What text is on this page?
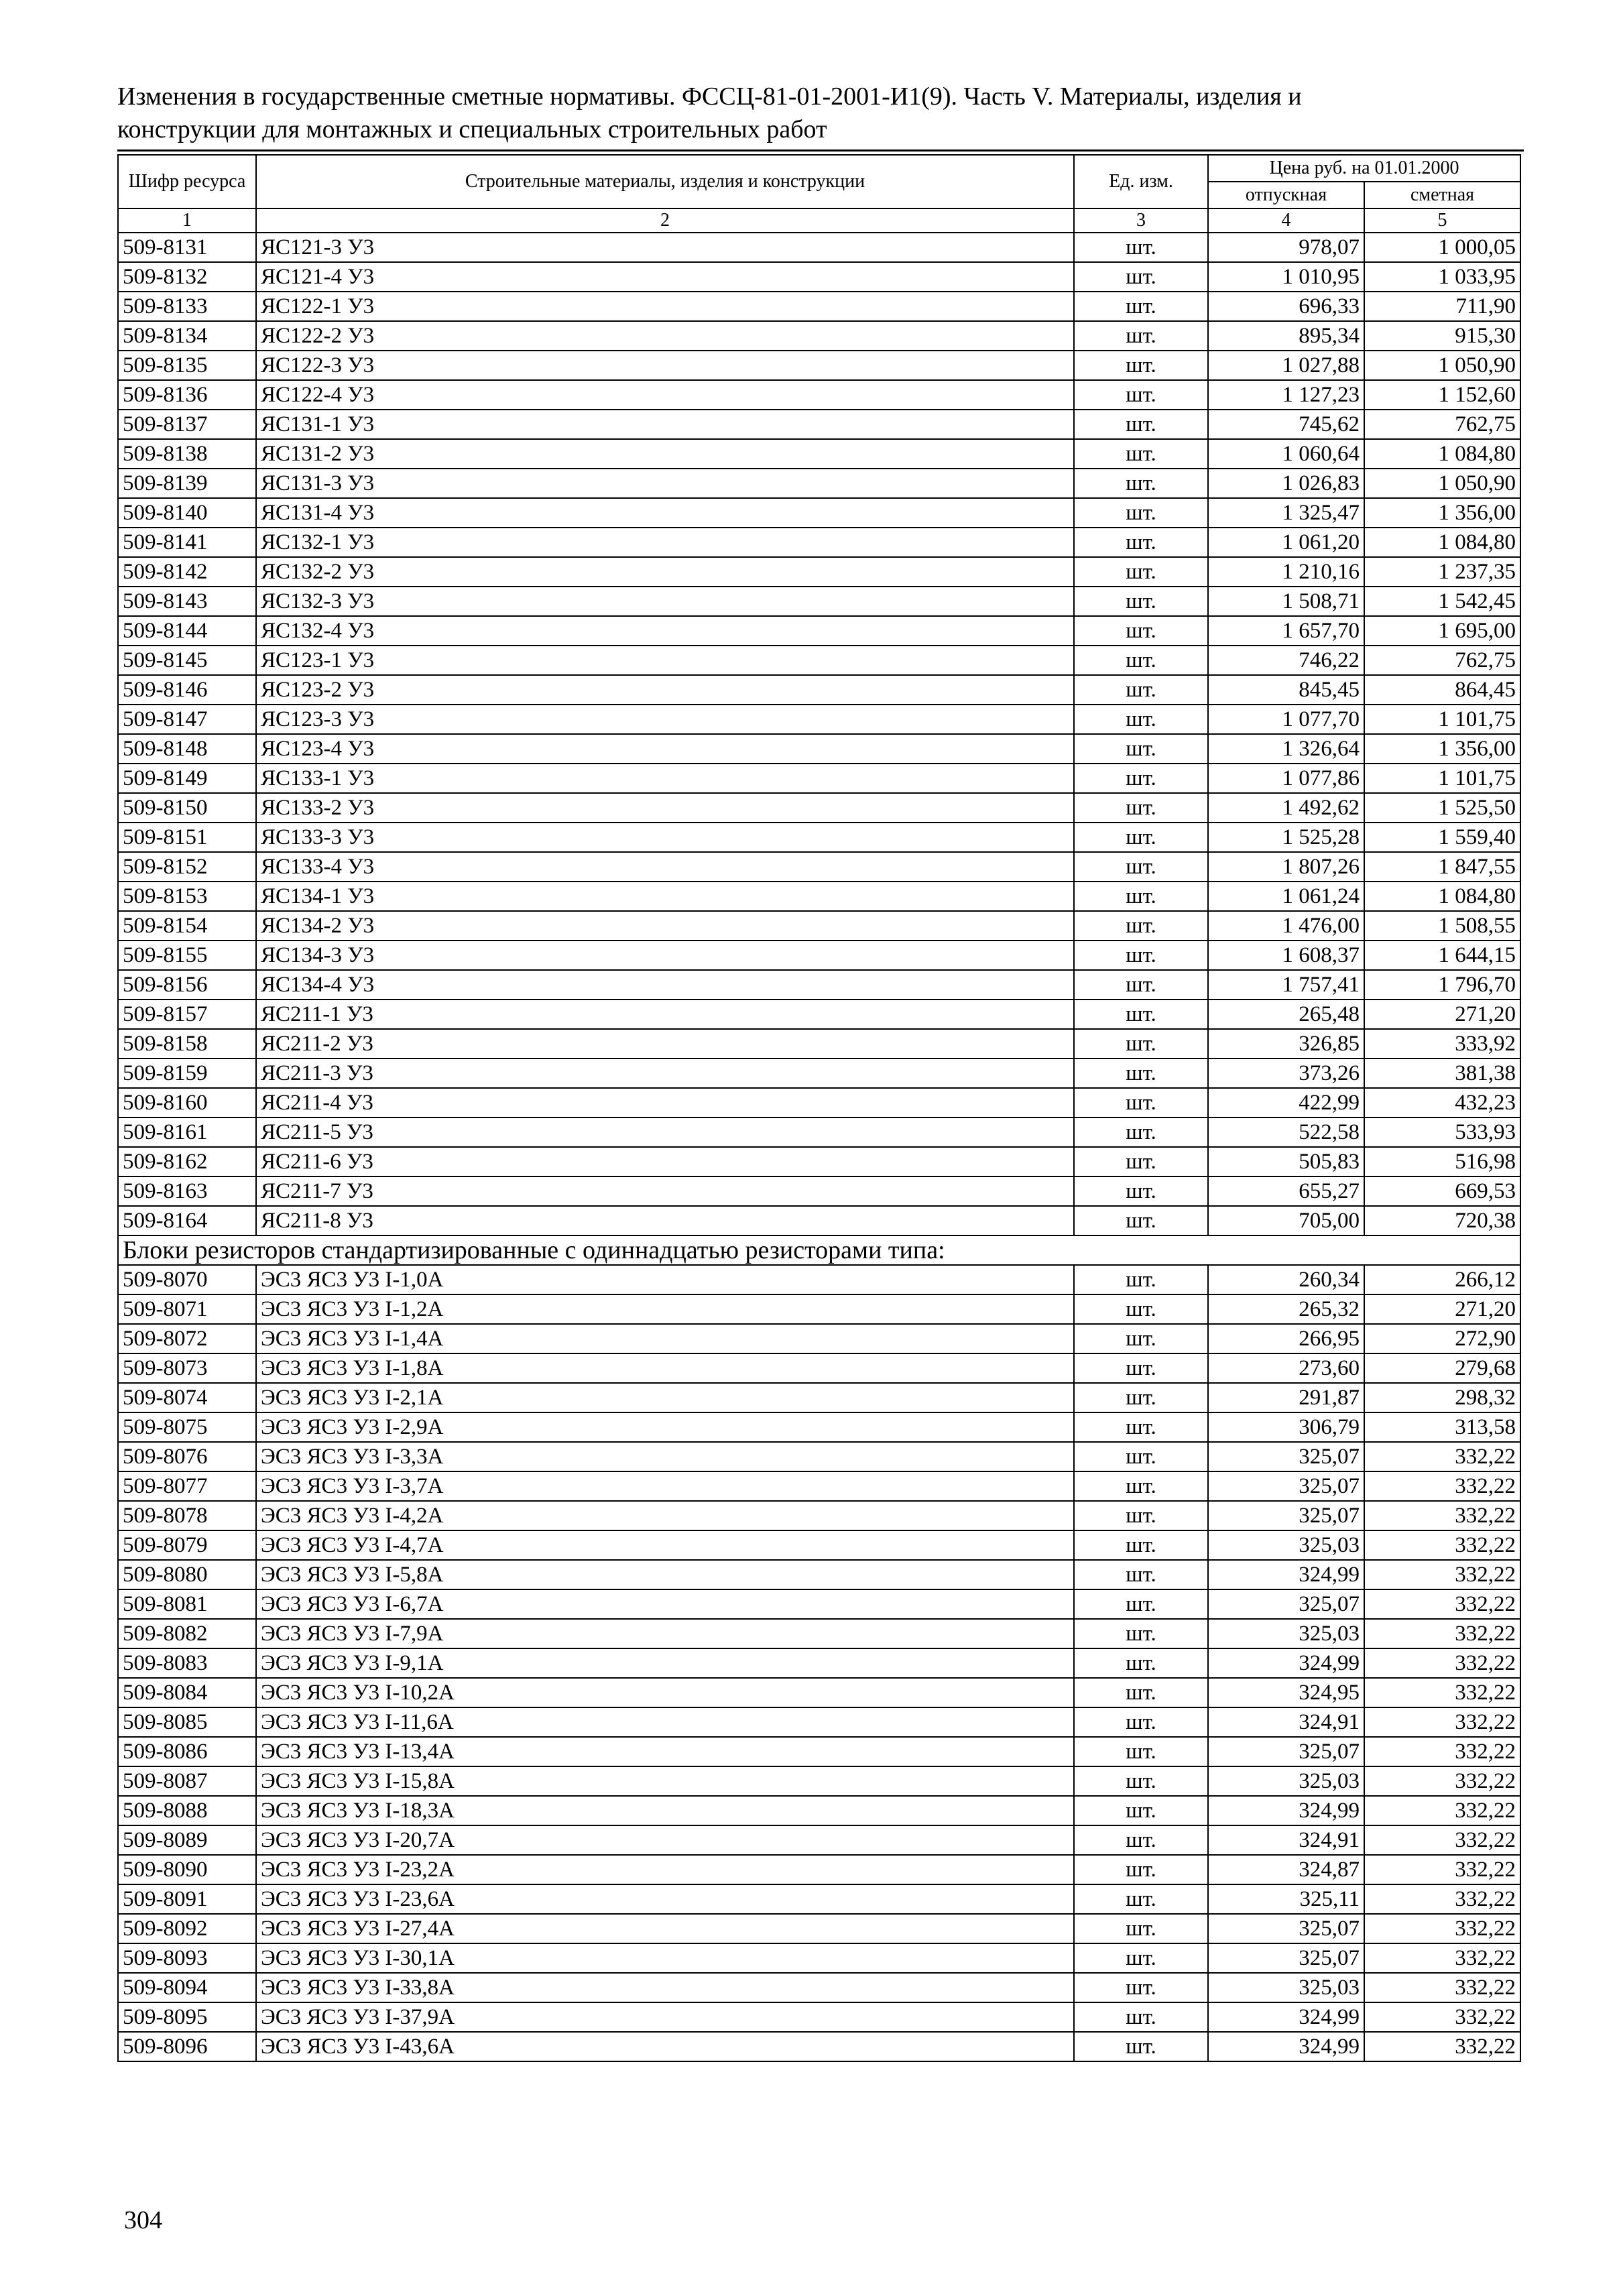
Изменения в государственные сметные нормативы. ФССЦ-81-01-2001-И1(9). Часть V. Материалы, изделия и
конструкции для монтажных и специальных строительных работ
Шифр ресурса	Строительные материалы, изделия и конструкции	Ед. изм.	Цена руб. на 01.01.2000	
			отпускная	сметная
1	2	3	4	5
509-8131	ЯС121-3 У3	шт.	978,07	1 000,05
509-8132	ЯС121-4 У3	шт.	1 010,95	1 033,95
509-8133	ЯС122-1 У3	шт.	696,33	711,90
509-8134	ЯС122-2 У3	шт.	895,34	915,30
509-8135	ЯС122-3 У3	шт.	1 027,88	1 050,90
509-8136	ЯС122-4 У3	шт.	1 127,23	1 152,60
509-8137	ЯС131-1 У3	шт.	745,62	762,75
509-8138	ЯС131-2 У3	шт.	1 060,64	1 084,80
509-8139	ЯС131-3 У3	шт.	1 026,83	1 050,90
509-8140	ЯС131-4 У3	шт.	1 325,47	1 356,00
509-8141	ЯС132-1 У3	шт.	1 061,20	1 084,80
509-8142	ЯС132-2 У3	шт.	1 210,16	1 237,35
509-8143	ЯС132-3 У3	шт.	1 508,71	1 542,45
509-8144	ЯС132-4 У3	шт.	1 657,70	1 695,00
509-8145	ЯС123-1 У3	шт.	746,22	762,75
509-8146	ЯС123-2 У3	шт.	845,45	864,45
509-8147	ЯС123-3 У3	шт.	1 077,70	1 101,75
509-8148	ЯС123-4 У3	шт.	1 326,64	1 356,00
509-8149	ЯС133-1 У3	шт.	1 077,86	1 101,75
509-8150	ЯС133-2 У3	шт.	1 492,62	1 525,50
509-8151	ЯС133-3 У3	шт.	1 525,28	1 559,40
509-8152	ЯС133-4 У3	шт.	1 807,26	1 847,55
509-8153	ЯС134-1 У3	шт.	1 061,24	1 084,80
509-8154	ЯС134-2 У3	шт.	1 476,00	1 508,55
509-8155	ЯС134-3 У3	шт.	1 608,37	1 644,15
509-8156	ЯС134-4 У3	шт.	1 757,41	1 796,70
509-8157	ЯС211-1 У3	шт.	265,48	271,20
509-8158	ЯС211-2 У3	шт.	326,85	333,92
509-8159	ЯС211-3 У3	шт.	373,26	381,38
509-8160	ЯС211-4 У3	шт.	422,99	432,23
509-8161	ЯС211-5 У3	шт.	522,58	533,93
509-8162	ЯС211-6 У3	шт.	505,83	516,98
509-8163	ЯС211-7 У3	шт.	655,27	669,53
509-8164	ЯС211-8 У3	шт.	705,00	720,38
Блоки резисторов стандартизированные с одиннадцатью резисторами типа:				
509-8070	ЭС3 ЯС3 У3 I-1,0А	шт.	260,34	266,12
509-8071	ЭС3 ЯС3 У3 I-1,2А	шт.	265,32	271,20
509-8072	ЭС3 ЯС3 У3 I-1,4А	шт.	266,95	272,90
509-8073	ЭС3 ЯС3 У3 I-1,8А	шт.	273,60	279,68
509-8074	ЭС3 ЯС3 У3 I-2,1А	шт.	291,87	298,32
509-8075	ЭС3 ЯС3 У3 I-2,9А	шт.	306,79	313,58
509-8076	ЭС3 ЯС3 У3 I-3,3А	шт.	325,07	332,22
509-8077	ЭС3 ЯС3 У3 I-3,7А	шт.	325,07	332,22
509-8078	ЭС3 ЯС3 У3 I-4,2А	шт.	325,07	332,22
509-8079	ЭС3 ЯС3 У3 I-4,7А	шт.	325,03	332,22
509-8080	ЭС3 ЯС3 У3 I-5,8А	шт.	324,99	332,22
509-8081	ЭС3 ЯС3 У3 I-6,7А	шт.	325,07	332,22
509-8082	ЭС3 ЯС3 У3 I-7,9А	шт.	325,03	332,22
509-8083	ЭС3 ЯС3 У3 I-9,1А	шт.	324,99	332,22
509-8084	ЭС3 ЯС3 У3 I-10,2А	шт.	324,95	332,22
509-8085	ЭС3 ЯС3 У3 I-11,6А	шт.	324,91	332,22
509-8086	ЭС3 ЯС3 У3 I-13,4А	шт.	325,07	332,22
509-8087	ЭС3 ЯС3 У3 I-15,8А	шт.	325,03	332,22
509-8088	ЭС3 ЯС3 У3 I-18,3А	шт.	324,99	332,22
509-8089	ЭС3 ЯС3 У3 I-20,7А	шт.	324,91	332,22
509-8090	ЭС3 ЯС3 У3 I-23,2А	шт.	324,87	332,22
509-8091	ЭС3 ЯС3 У3 I-23,6А	шт.	325,11	332,22
509-8092	ЭС3 ЯС3 У3 I-27,4А	шт.	325,07	332,22
509-8093	ЭС3 ЯС3 У3 I-30,1А	шт.	325,07	332,22
509-8094	ЭС3 ЯС3 У3 I-33,8А	шт.	325,03	332,22
509-8095	ЭС3 ЯС3 У3 I-37,9А	шт.	324,99	332,22
509-8096	ЭС3 ЯС3 У3 I-43,6А	шт.	324,99	332,22
304
